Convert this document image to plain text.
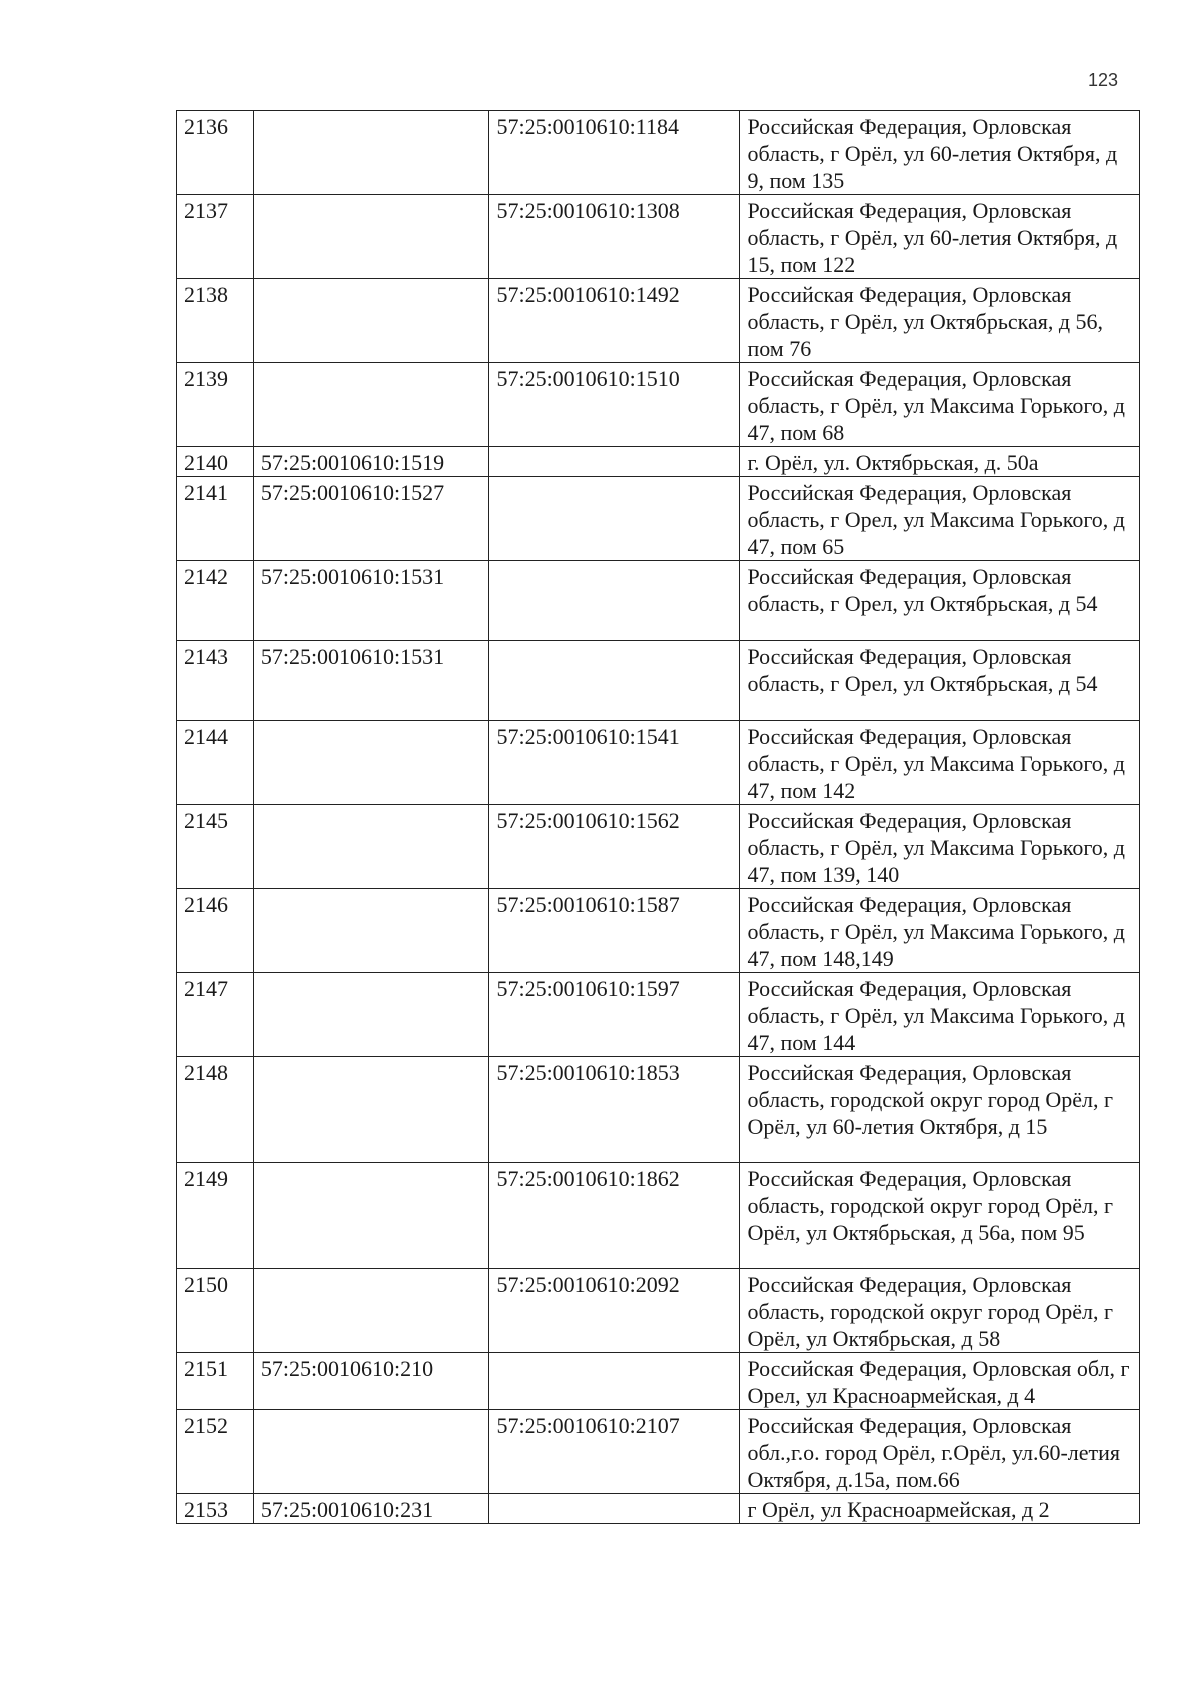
123
2136		57:25:0010610:1184	Российская Федерация, Орловская область, г Орёл, ул 60-летия Октября, д 9, пом 135
2137		57:25:0010610:1308	Российская Федерация, Орловская область, г Орёл, ул 60-летия Октября, д 15, пом 122
2138		57:25:0010610:1492	Российская Федерация, Орловская область, г Орёл, ул Октябрьская, д 56, пом 76
2139		57:25:0010610:1510	Российская Федерация, Орловская область, г Орёл, ул Максима Горького, д 47, пом 68
2140	57:25:0010610:1519		г. Орёл, ул. Октябрьская, д. 50а
2141	57:25:0010610:1527		Российская Федерация, Орловская область, г Орел, ул Максима Горького, д 47, пом 65
2142	57:25:0010610:1531		Российская Федерация, Орловская область, г Орел, ул Октябрьская, д 54
2143	57:25:0010610:1531		Российская Федерация, Орловская область, г Орел, ул Октябрьская, д 54
2144		57:25:0010610:1541	Российская Федерация, Орловская область, г Орёл, ул Максима Горького, д 47, пом 142
2145		57:25:0010610:1562	Российская Федерация, Орловская область, г Орёл, ул Максима Горького, д 47, пом 139, 140
2146		57:25:0010610:1587	Российская Федерация, Орловская область, г Орёл, ул Максима Горького, д 47, пом 148,149
2147		57:25:0010610:1597	Российская Федерация, Орловская область, г Орёл, ул Максима Горького, д 47, пом 144
2148		57:25:0010610:1853	Российская Федерация, Орловская область, городской округ город Орёл, г Орёл, ул 60-летия Октября, д 15
2149		57:25:0010610:1862	Российская Федерация, Орловская область, городской округ город Орёл, г Орёл, ул Октябрьская, д 56а, пом 95
2150		57:25:0010610:2092	Российская Федерация, Орловская область, городской округ город Орёл, г Орёл, ул Октябрьская, д 58
2151	57:25:0010610:210		Российская Федерация, Орловская обл, г Орел, ул Красноармейская, д 4
2152		57:25:0010610:2107	Российская Федерация, Орловская обл.,г.о. город Орёл, г.Орёл, ул.60-летия Октября, д.15а, пом.66
2153	57:25:0010610:231		г Орёл, ул Красноармейская, д 2
